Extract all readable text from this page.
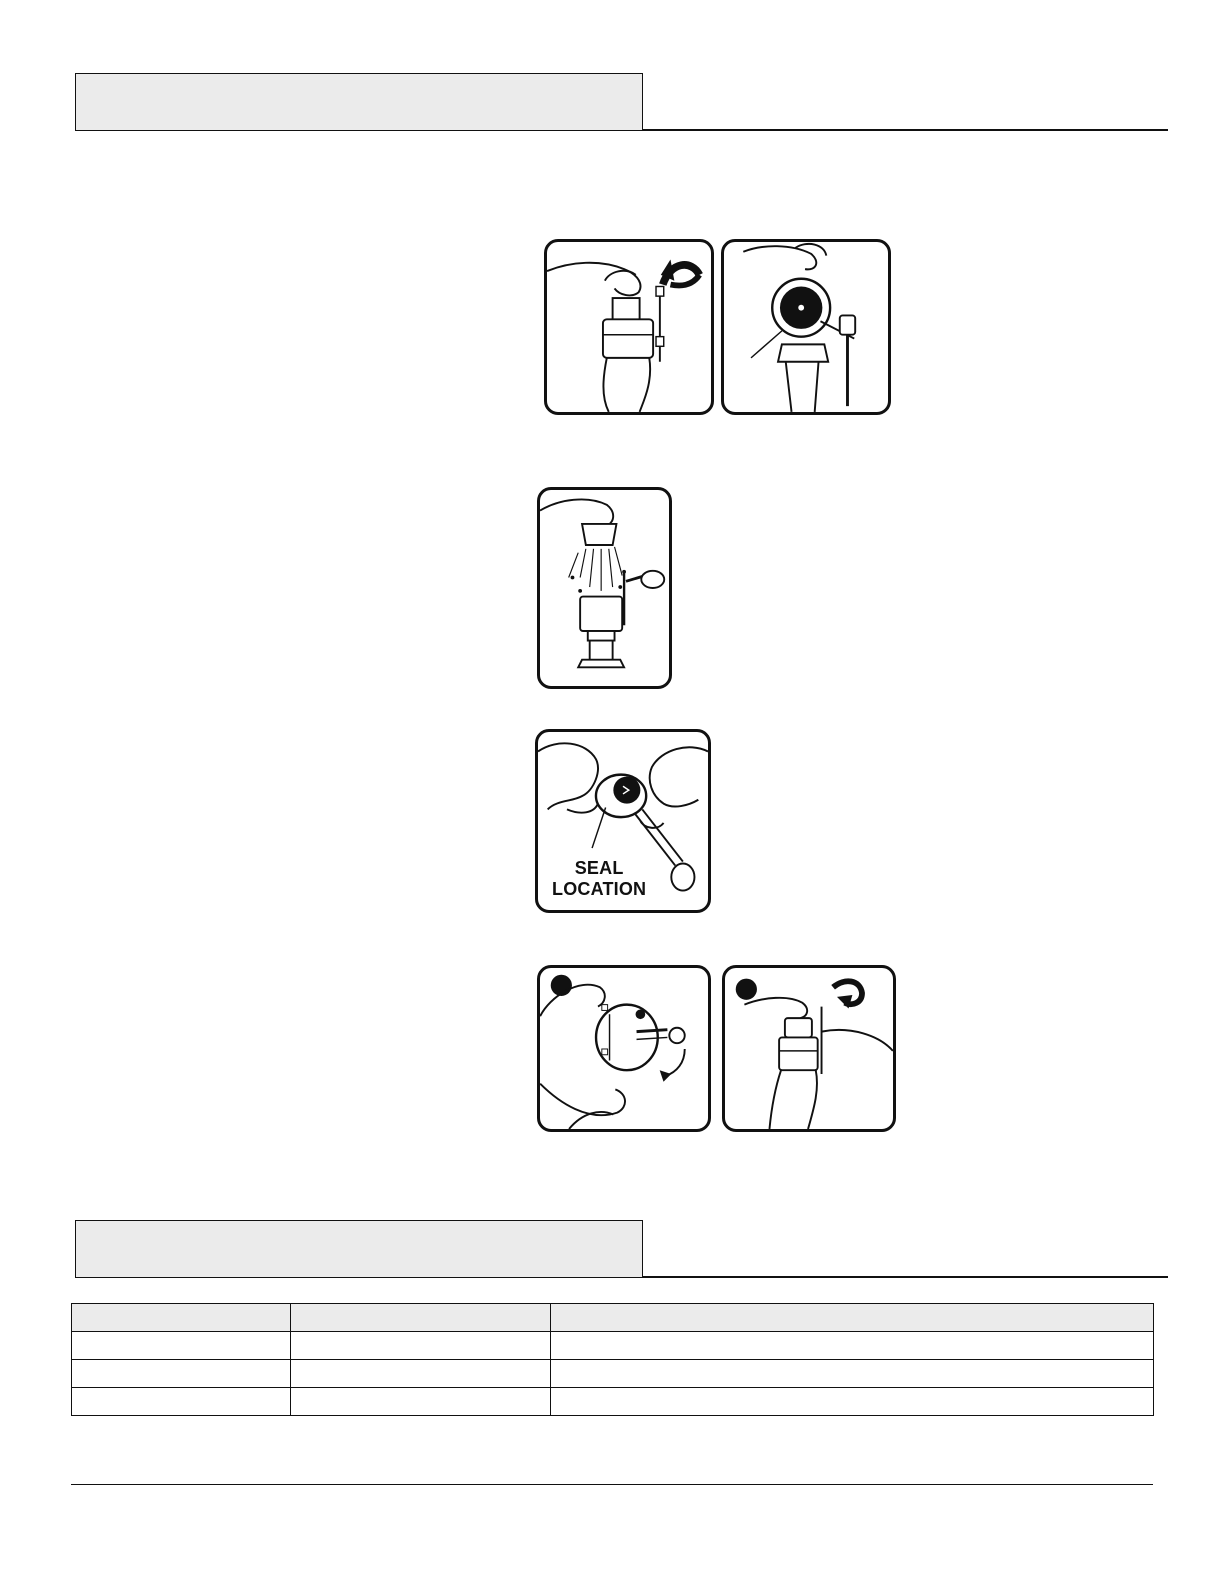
SEAL
LOCATION
